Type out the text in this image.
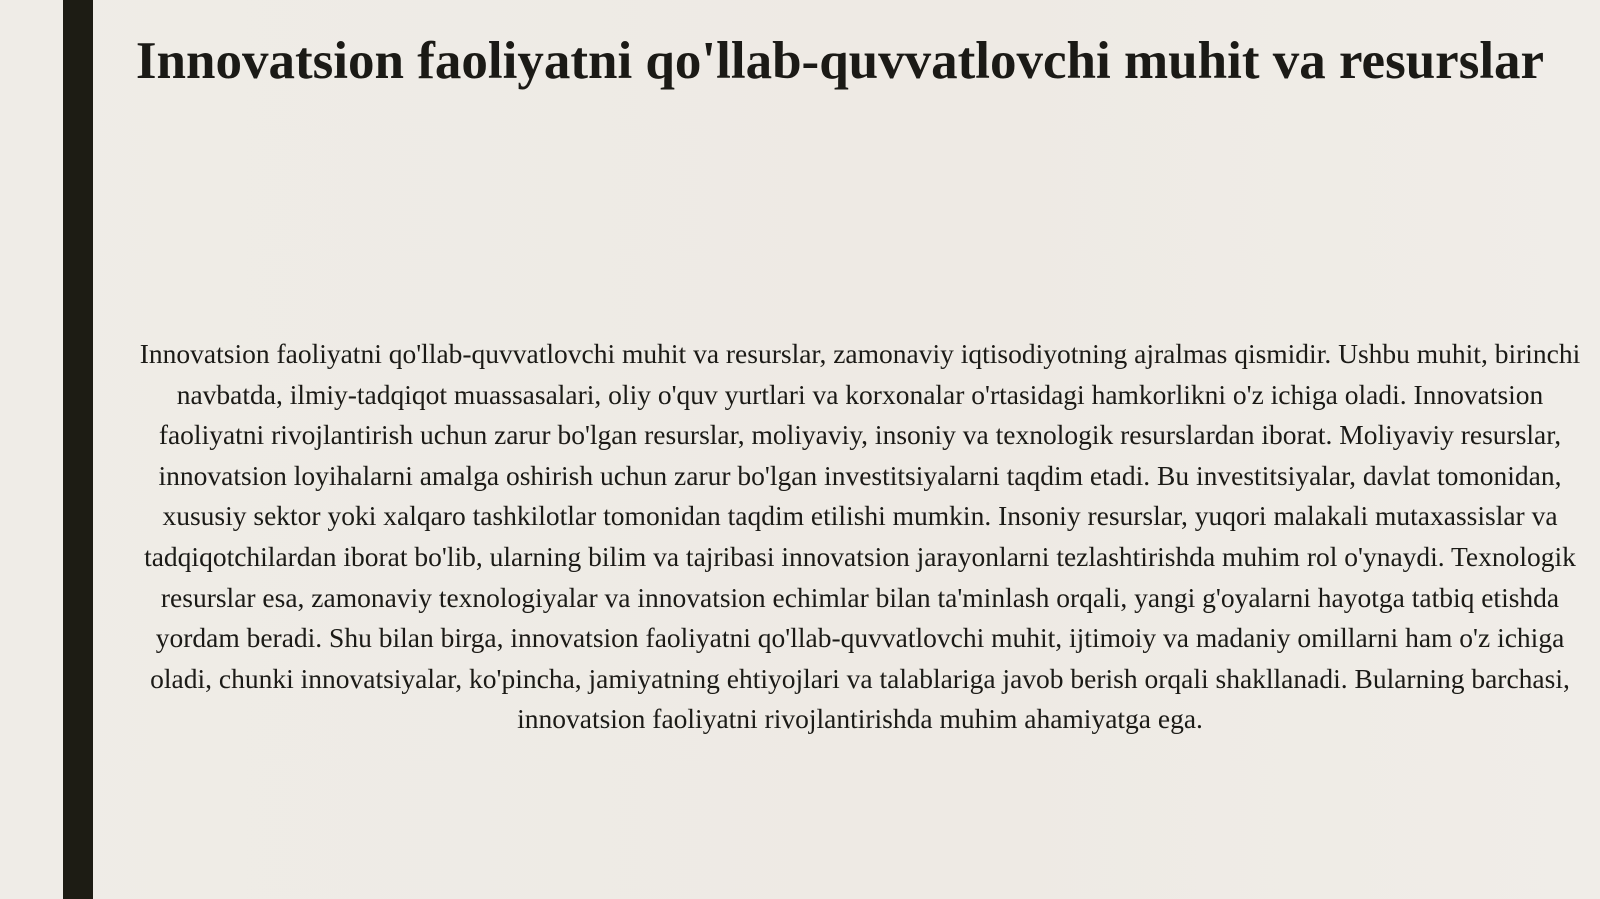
Innovatsion faoliyatni qo'llab-quvvatlovchi muhit va resurslar

Innovatsion faoliyatni qo'llab-quvvatlovchi muhit va resurslar, zamonaviy iqtisodiyotning ajralmas qismidir. Ushbu muhit, birinchi navbatda, ilmiy-tadqiqot muassasalari, oliy o'quv yurtlari va korxonalar o'rtasidagi hamkorlikni o'z ichiga oladi. Innovatsion faoliyatni rivojlantirish uchun zarur bo'lgan resurslar, moliyaviy, insoniy va texnologik resurslardan iborat. Moliyaviy resurslar, innovatsion loyihalarni amalga oshirish uchun zarur bo'lgan investitsiyalarni taqdim etadi. Bu investitsiyalar, davlat tomonidan, xususiy sektor yoki xalqaro tashkilotlar tomonidan taqdim etilishi mumkin. Insoniy resurslar, yuqori malakali mutaxassislar va tadqiqotchilardan iborat bo'lib, ularning bilim va tajribasi innovatsion jarayonlarni tezlashtirishda muhim rol o'ynaydi. Texnologik resurslar esa, zamonaviy texnologiyalar va innovatsion echimlar bilan ta'minlash orqali, yangi g'oyalarni hayotga tatbiq etishda yordam beradi. Shu bilan birga, innovatsion faoliyatni qo'llab-quvvatlovchi muhit, ijtimoiy va madaniy omillarni ham o'z ichiga oladi, chunki innovatsiyalar, ko'pincha, jamiyatning ehtiyojlari va talablariga javob berish orqali shakllanadi. Bularning barchasi, innovatsion faoliyatni rivojlantirishda muhim ahamiyatga ega.
